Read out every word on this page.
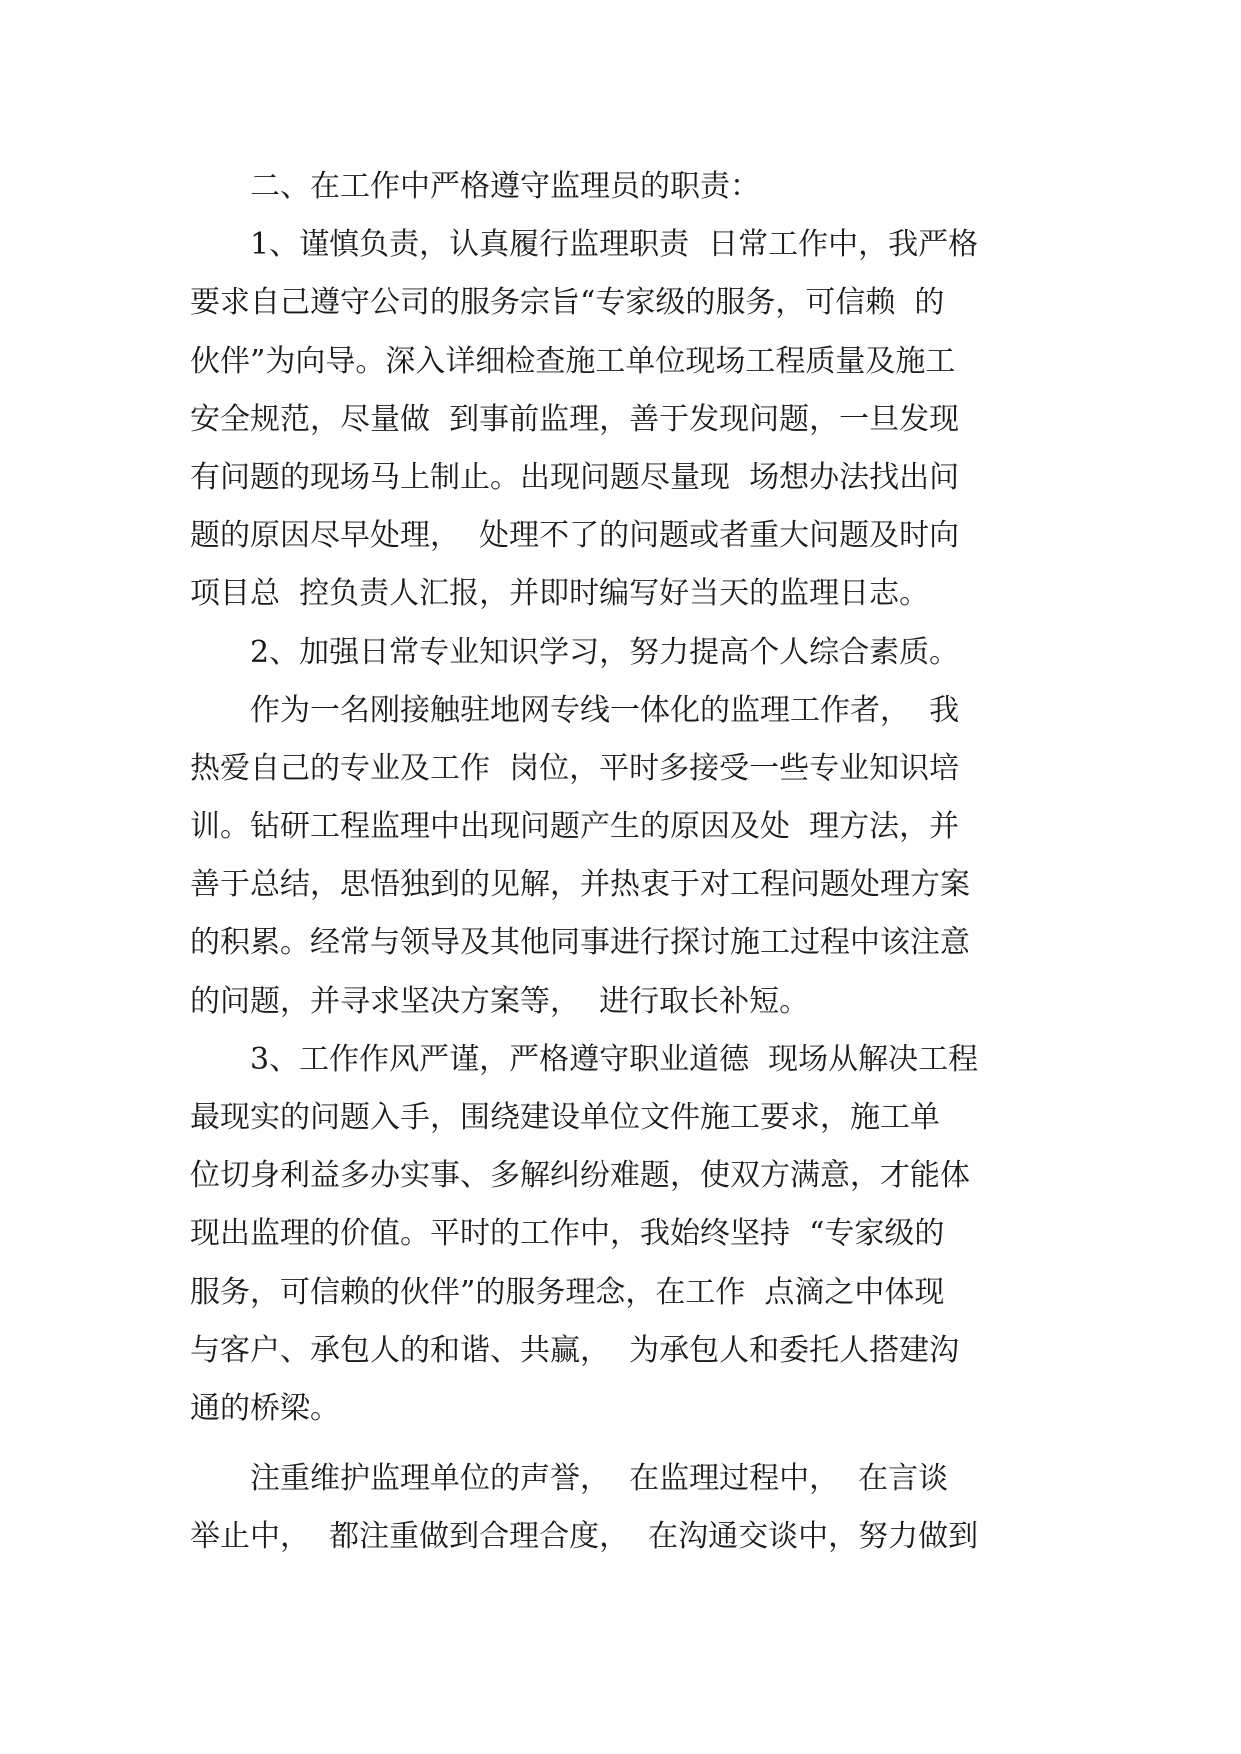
二、在工作中严格遵守监理员的职责：
1、谨慎负责，认真履行监理职责  日常工作中，我严格
要求自己遵守公司的服务宗旨“专家级的服务，可信赖  的
伙伴”为向导。深入详细检查施工单位现场工程质量及施工
安全规范，尽量做  到事前监理，善于发现问题，一旦发现
有问题的现场马上制止。出现问题尽量现  场想办法找出问
题的原因尽早处理，  处理不了的问题或者重大问题及时向
项目总  控负责人汇报，并即时编写好当天的监理日志。
2、加强日常专业知识学习，努力提高个人综合素质。
作为一名刚接触驻地网专线一体化的监理工作者，  我
热爱自己的专业及工作  岗位，平时多接受一些专业知识培
训。钻研工程监理中出现问题产生的原因及处  理方法，并
善于总结，思悟独到的见解，并热衷于对工程问题处理方案
的积累。经常与领导及其他同事进行探讨施工过程中该注意
的问题，并寻求坚决方案等，  进行取长补短。
3、工作作风严谨，严格遵守职业道德  现场从解决工程
最现实的问题入手，围绕建设单位文件施工要求，施工单
位切身利益多办实事、多解纠纷难题，使双方满意，才能体
现出监理的价值。平时的工作中，我始终坚持  “专家级的
服务，可信赖的伙伴”的服务理念，在工作  点滴之中体现
与客户、承包人的和谐、共赢，  为承包人和委托人搭建沟
通的桥梁。
注重维护监理单位的声誉，  在监理过程中，  在言谈
举止中，  都注重做到合理合度，  在沟通交谈中，努力做到
